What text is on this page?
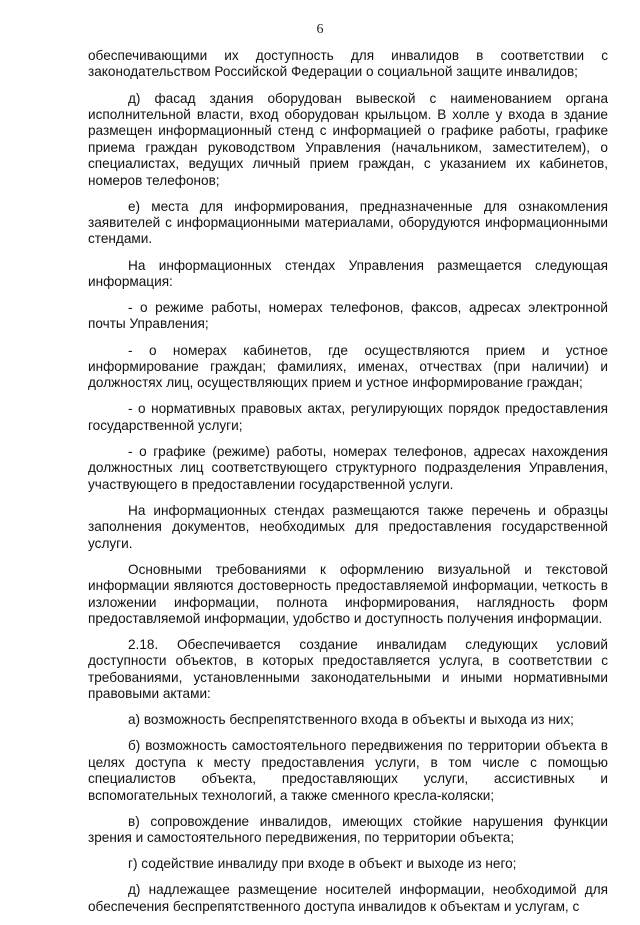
6

обеспечивающими их доступность для инвалидов в соответствии с законодательством Российской Федерации о социальной защите инвалидов;

д) фасад здания оборудован вывеской с наименованием органа исполнительной власти, вход оборудован крыльцом. В холле у входа в здание размещен информационный стенд с информацией о графике работы, графике приема граждан руководством Управления (начальником, заместителем), о специалистах, ведущих личный прием граждан, с указанием их кабинетов, номеров телефонов;

е) места для информирования, предназначенные для ознакомления заявителей с информационными материалами, оборудуются информационными стендами.

На информационных стендах Управления размещается следующая информация:

- о режиме работы, номерах телефонов, факсов, адресах электронной почты Управления;

- о номерах кабинетов, где осуществляются прием и устное информирование граждан; фамилиях, именах, отчествах (при наличии) и должностях лиц, осуществляющих прием и устное информирование граждан;

- о нормативных правовых актах, регулирующих порядок предоставления государственной услуги;

- о графике (режиме) работы, номерах телефонов, адресах нахождения должностных лиц соответствующего структурного подразделения Управления, участвующего в предоставлении государственной услуги.

На информационных стендах размещаются также перечень и образцы заполнения документов, необходимых для предоставления государственной услуги.

Основными требованиями к оформлению визуальной и текстовой информации являются достоверность предоставляемой информации, четкость в изложении информации, полнота информирования, наглядность форм предоставляемой информации, удобство и доступность получения информации.

2.18. Обеспечивается создание инвалидам следующих условий доступности объектов, в которых предоставляется услуга, в соответствии с требованиями, установленными законодательными и иными нормативными правовыми актами:

а) возможность беспрепятственного входа в объекты и выхода из них;

б) возможность самостоятельного передвижения по территории объекта в целях доступа к месту предоставления услуги, в том числе с помощью специалистов объекта, предоставляющих услуги, ассистивных и вспомогательных технологий, а также сменного кресла-коляски;

в) сопровождение инвалидов, имеющих стойкие нарушения функции зрения и самостоятельного передвижения, по территории объекта;

г) содействие инвалиду при входе в объект и выходе из него;

д) надлежащее размещение носителей информации, необходимой для обеспечения беспрепятственного доступа инвалидов к объектам и услугам, с
